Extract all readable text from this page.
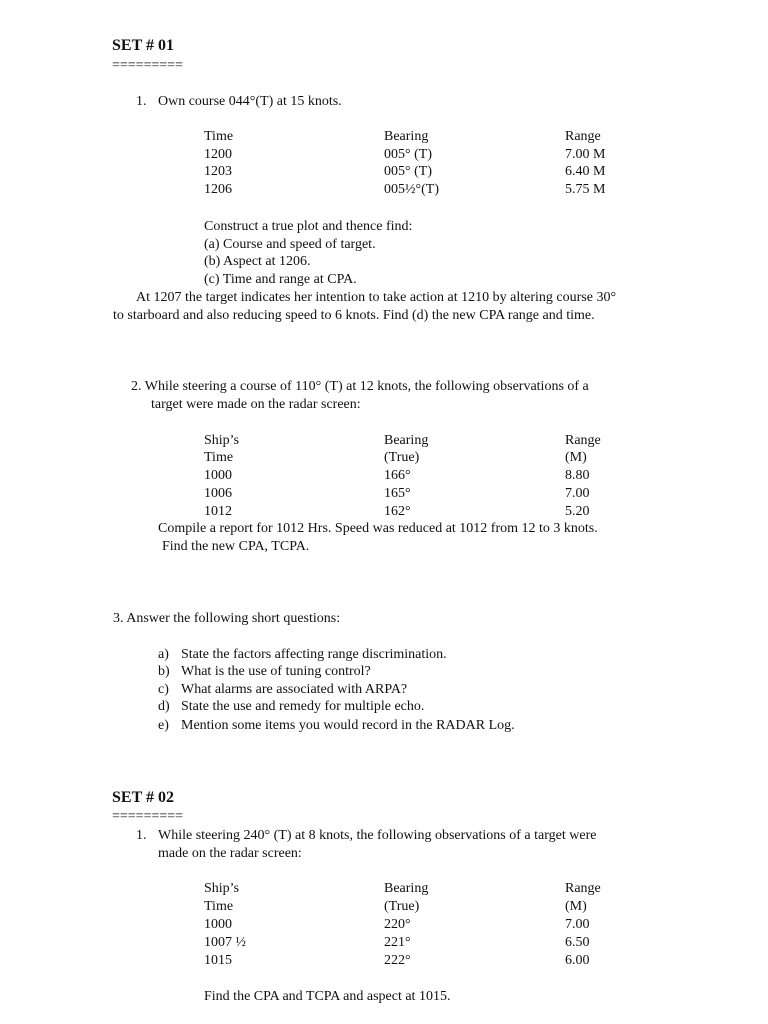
SET # 01
=========
1. Own course 044°(T) at 15 knots.
Time	Bearing	Range
1200	005° (T)	7.00 M
1203	005° (T)	6.40 M
1206	005½°(T)	5.75 M
Construct a true plot and thence find:
(a) Course and speed of target.
(b) Aspect at 1206.
(c) Time and range at CPA.
At 1207 the target indicates her intention to take action at 1210 by altering course 30°
to starboard and also reducing speed to 6 knots. Find (d) the new CPA range and time.
2. While steering a course of 110° (T) at 12 knots, the following observations of a
target were made on the radar screen:
Ship’s	Bearing	Range
Time	(True)	(M)
1000	166°	8.80
1006	165°	7.00
1012	162°	5.20
Compile a report for 1012 Hrs. Speed was reduced at 1012 from 12 to 3 knots.
Find the new CPA, TCPA.
3. Answer the following short questions:
a) State the factors affecting range discrimination.
b) What is the use of tuning control?
c) What alarms are associated with ARPA?
d) State the use and remedy for multiple echo.
e) Mention some items you would record in the RADAR Log.
SET # 02
=========
1. While steering 240° (T) at 8 knots, the following observations of a target were
made on the radar screen:
Ship’s	Bearing	Range
Time	(True)	(M)
1000	220°	7.00
1007 ½	221°	6.50
1015	222°	6.00
Find the CPA and TCPA and aspect at 1015.
